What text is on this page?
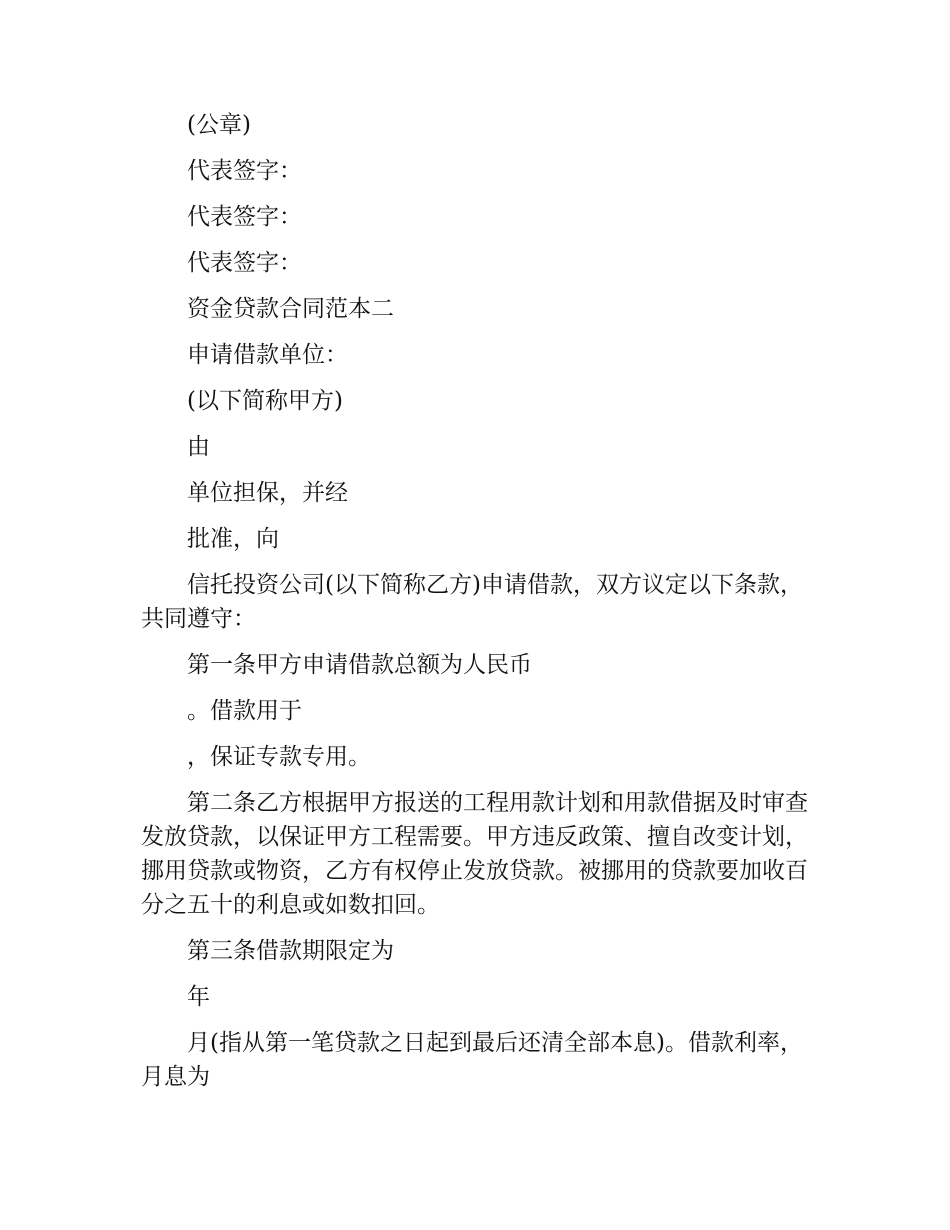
(公章)

代表签字：

代表签字：

代表签字：

资金贷款合同范本二

申请借款单位：

(以下简称甲方)

由

单位担保，并经

批准，向

信托投资公司(以下简称乙方)申请借款，双方议定以下条款，共同遵守：

第一条甲方申请借款总额为人民币

。借款用于

，保证专款专用。

第二条乙方根据甲方报送的工程用款计划和用款借据及时审查发放贷款，以保证甲方工程需要。甲方违反政策、擅自改变计划，挪用贷款或物资，乙方有权停止发放贷款。被挪用的贷款要加收百分之五十的利息或如数扣回。

第三条借款期限定为

年

月(指从第一笔贷款之日起到最后还清全部本息)。借款利率，月息为
